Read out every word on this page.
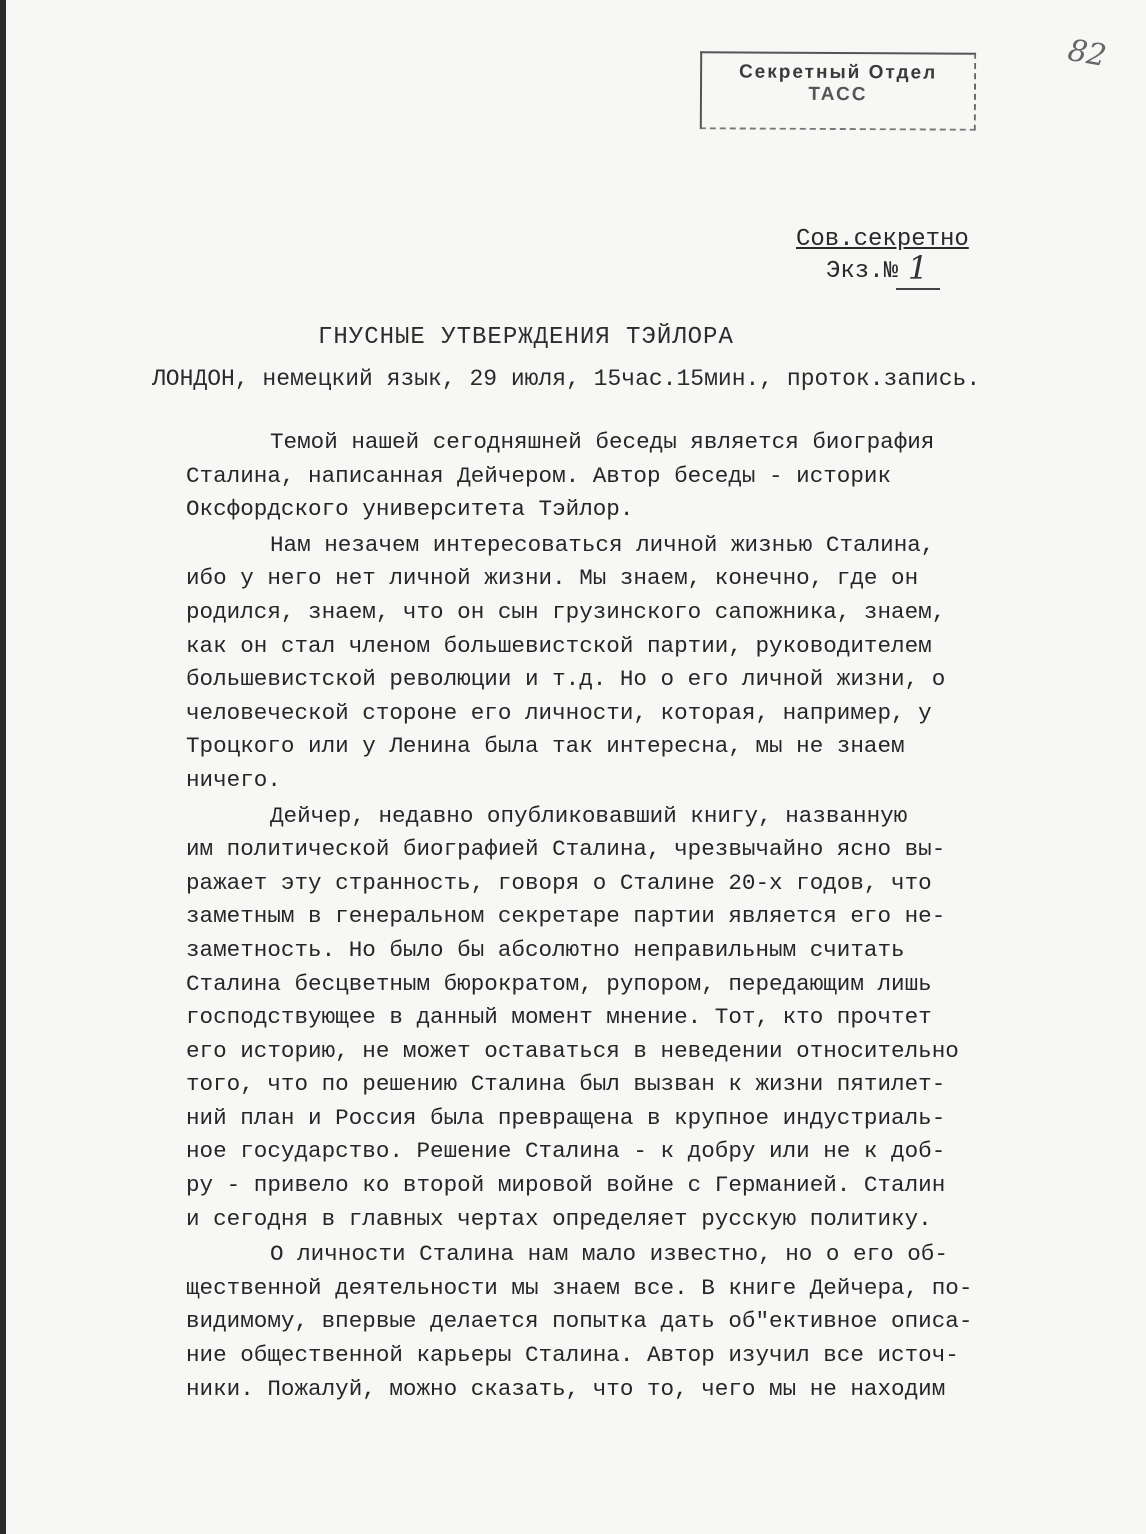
Секретный Отдел
ТАСС
82
Сов.секретно
Экз.№ 1
ГНУСНЫЕ УТВЕРЖДЕНИЯ ТЭЙЛОРА
ЛОНДОН, немецкий язык, 29 июля, 15час.15мин., проток.запись.

Темой нашей сегодняшней беседы является биография
Сталина, написанная Дейчером. Автор беседы - историк
Оксфордского университета Тэйлор.

Нам незачем интересоваться личной жизнью Сталина,
ибо у него нет личной жизни. Мы знаем, конечно, где он
родился, знаем, что он сын грузинского сапожника, знаем,
как он стал членом большевистской партии, руководителем
большевистской революции и т.д. Но о его личной жизни, о
человеческой стороне его личности, которая, например, у
Троцкого или у Ленина была так интересна, мы не знаем
ничего.

Дейчер, недавно опубликовавший книгу, названную
им политической биографией Сталина, чрезвычайно ясно вы-
ражает эту странность, говоря о Сталине 20-х годов, что
заметным в генеральном секретаре партии является его не-
заметность. Но было бы абсолютно неправильным считать
Сталина бесцветным бюрократом, рупором, передающим лишь
господствующее в данный момент мнение. Тот, кто прочтет
его историю, не может оставаться в неведении относительно
того, что по решению Сталина был вызван к жизни пятилет-
ний план и Россия была превращена в крупное индустриаль-
ное государство. Решение Сталина - к добру или не к доб-
ру - привело ко второй мировой войне с Германией. Сталин
и сегодня в главных чертах определяет русскую политику.

О личности Сталина нам мало известно, но о его об-
щественной деятельности мы знаем все. В книге Дейчера, по-
видимому, впервые делается попытка дать об"ективное описа-
ние общественной карьеры Сталина. Автор изучил все источ-
ники. Пожалуй, можно сказать, что то, чего мы не находим
